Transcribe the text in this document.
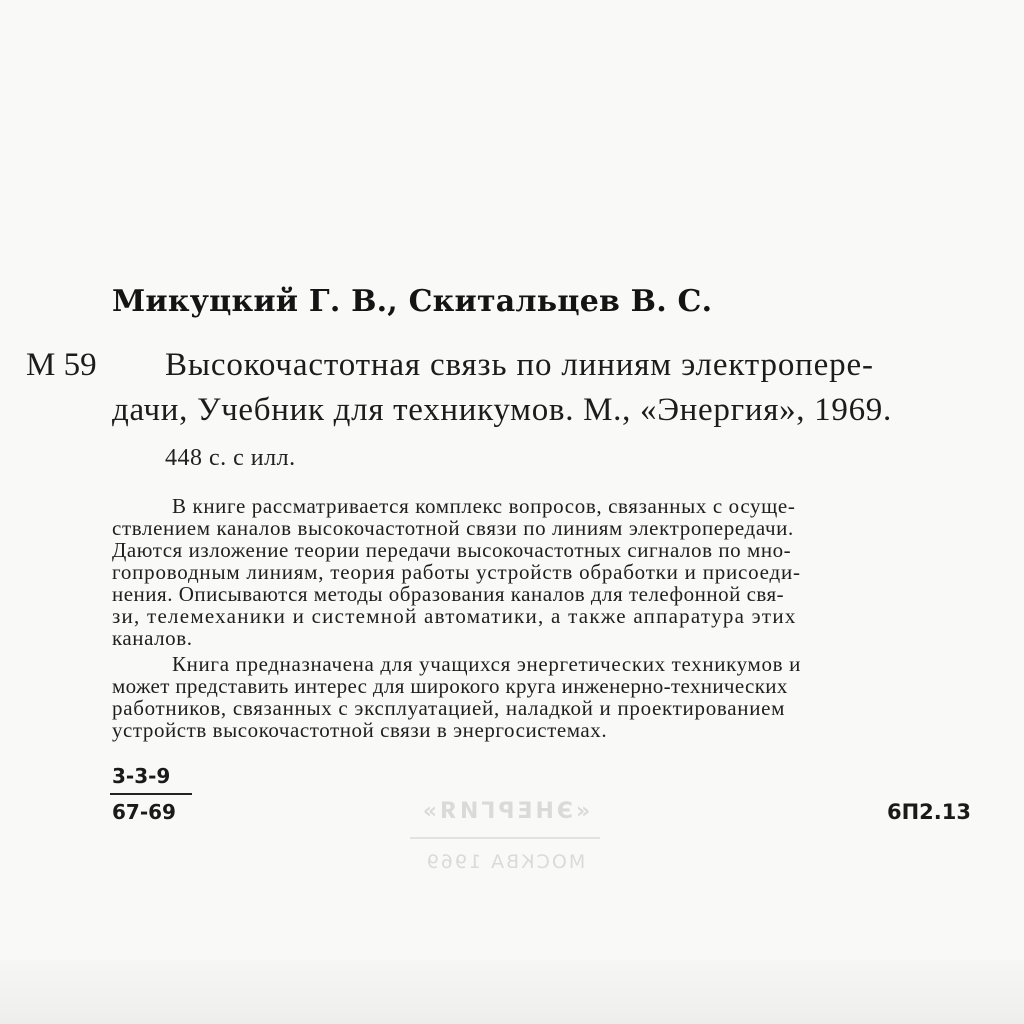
Микуцкий Г. В., Скитальцев В. С.
М 59 Высокочастотная связь по линиям электропере-
дачи, Учебник для техникумов. М., «Энергия», 1969.
448 с. с илл.
В книге рассматривается комплекс вопросов, связанных с осуще-
ствлением каналов высокочастотной связи по линиям электропередачи.
Даются изложение теории передачи высокочастотных сигналов по мно-
гопроводным линиям, теория работы устройств обработки и присоеди-
нения. Описываются методы образования каналов для телефонной свя-
зи, телемеханики и системной автоматики, а также аппаратура этих
каналов.
Книга предназначена для учащихся энергетических техникумов и
может представить интерес для широкого круга инженерно-технических
работников, связанных с эксплуатацией, наладкой и проектированием
устройств высокочастотной связи в энергосистемах.
3-3-9
67-69	6П2.13
«ЭНЕРГИЯ»
МОСКВА 1969
